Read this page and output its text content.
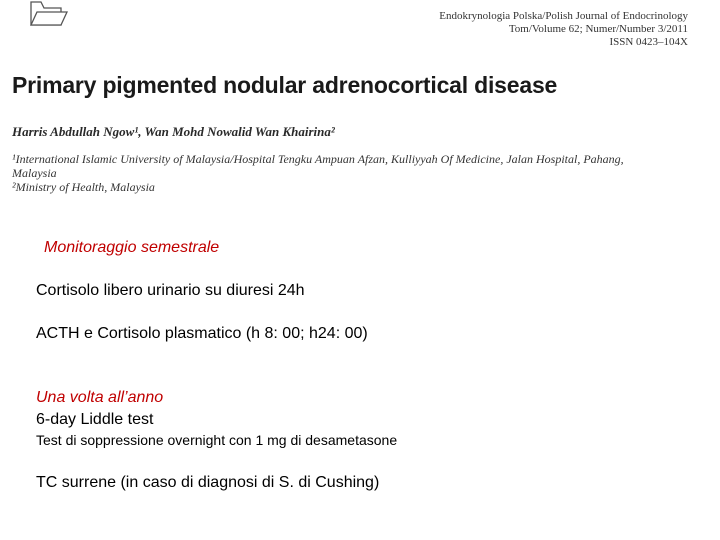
Endokrynologia Polska/Polish Journal of Endocrinology
Tom/Volume 62; Numer/Number 3/2011
ISSN 0423–104X
Primary pigmented nodular adrenocortical disease
Harris Abdullah Ngow¹, Wan Mohd Nowalid Wan Khairina²
¹International Islamic University of Malaysia/Hospital Tengku Ampuan Afzan, Kulliyyah Of Medicine, Jalan Hospital, Pahang,
Malaysia
²Ministry of Health, Malaysia
Monitoraggio semestrale
Cortisolo libero urinario su diuresi 24h
ACTH e Cortisolo plasmatico (h 8: 00; h24: 00)
Una volta all’anno
6-day Liddle test
Test di soppressione overnight con 1 mg di desametasone
TC surrene (in caso di diagnosi di S. di Cushing)
